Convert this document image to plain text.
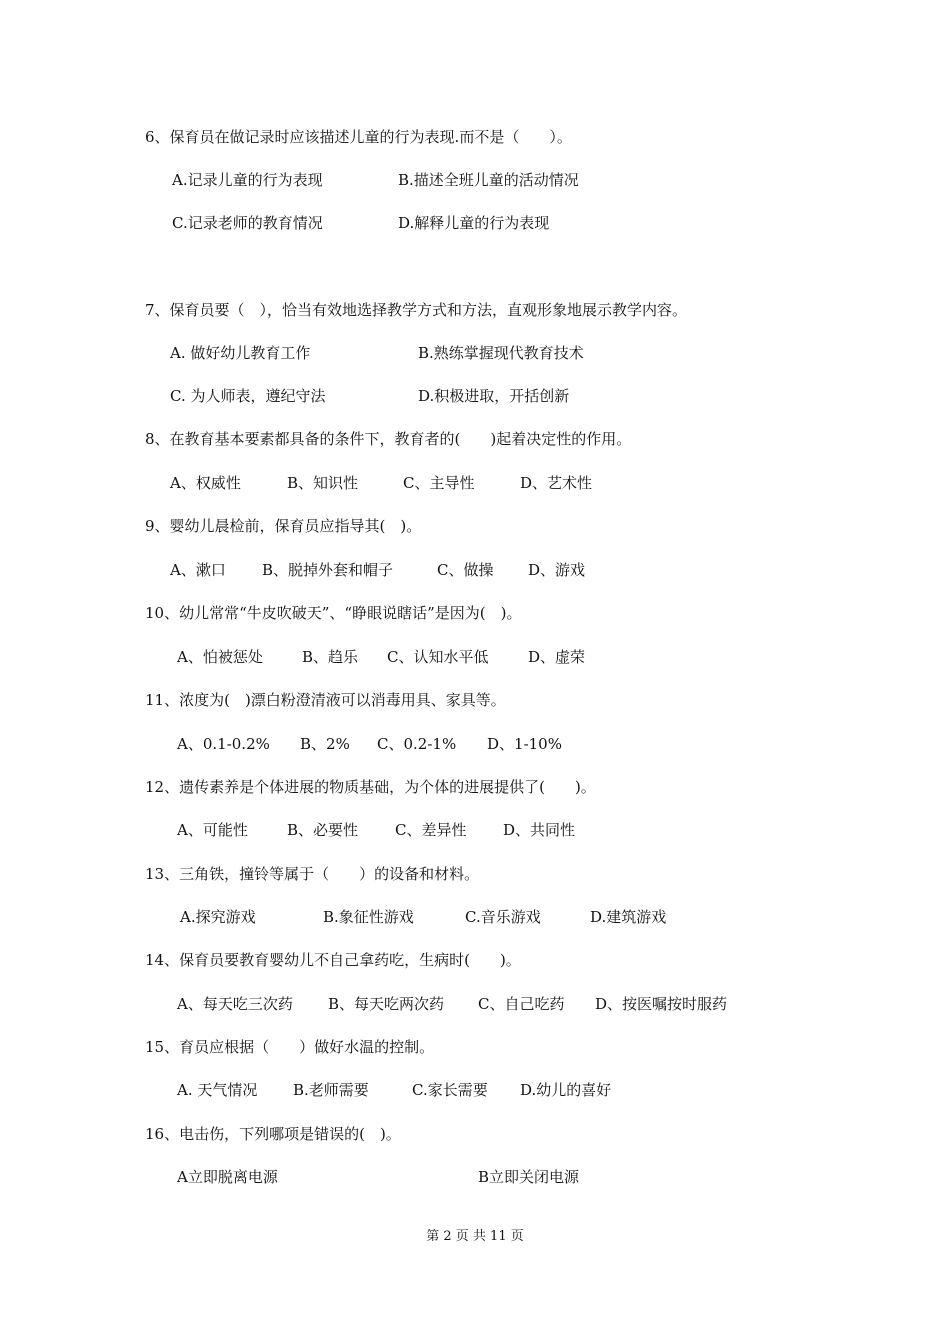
6、保育员在做记录时应该描述儿童的行为表现.而不是（　　）。
A.记录儿童的行为表现	B.描述全班儿童的活动情况
C.记录老师的教育情况	D.解释儿童的行为表现
7、保育员要（　），恰当有效地选择教学方式和方法，直观形象地展示教学内容。
A. 做好幼儿教育工作	B.熟练掌握现代教育技术
C. 为人师表，遵纪守法	D.积极进取，开括创新
8、在教育基本要素都具备的条件下，教育者的(　　)起着决定性的作用。
A、权威性	B、知识性	C、主导性	D、艺术性
9、婴幼儿晨检前，保育员应指导其(　)。
A、漱口 B、脱掉外套和帽子	C、做操 D、游戏
10、幼儿常常“牛皮吹破天”、“睁眼说瞎话”是因为(　)。
A、怕被惩处	B、趋乐 C、认知水平低	D、虚荣
11、浓度为(　)漂白粉澄清液可以消毒用具、家具等。
A、0.1-0.2% B、2% C、0.2-1% D、1-10%
12、遗传素养是个体进展的物质基础，为个体的进展提供了(　　)。
A、可能性	B、必要性 C、差异性 D、共同性
13、三角铁，撞铃等属于（　　）的设备和材料。
A.探究游戏	B.象征性游戏	C.音乐游戏	D.建筑游戏
14、保育员要教育婴幼儿不自己拿药吃，生病时(　　)。
A、每天吃三次药 B、每天吃两次药 C、自己吃药 D、按医嘱按时服药
15、育员应根据（　　）做好水温的控制。
A. 天气情况 B.老师需要	C.家长需要 D.幼儿的喜好
16、电击伤，下列哪项是错误的(　)。
A立即脱离电源	B立即关闭电源
第 2 页 共 11 页
